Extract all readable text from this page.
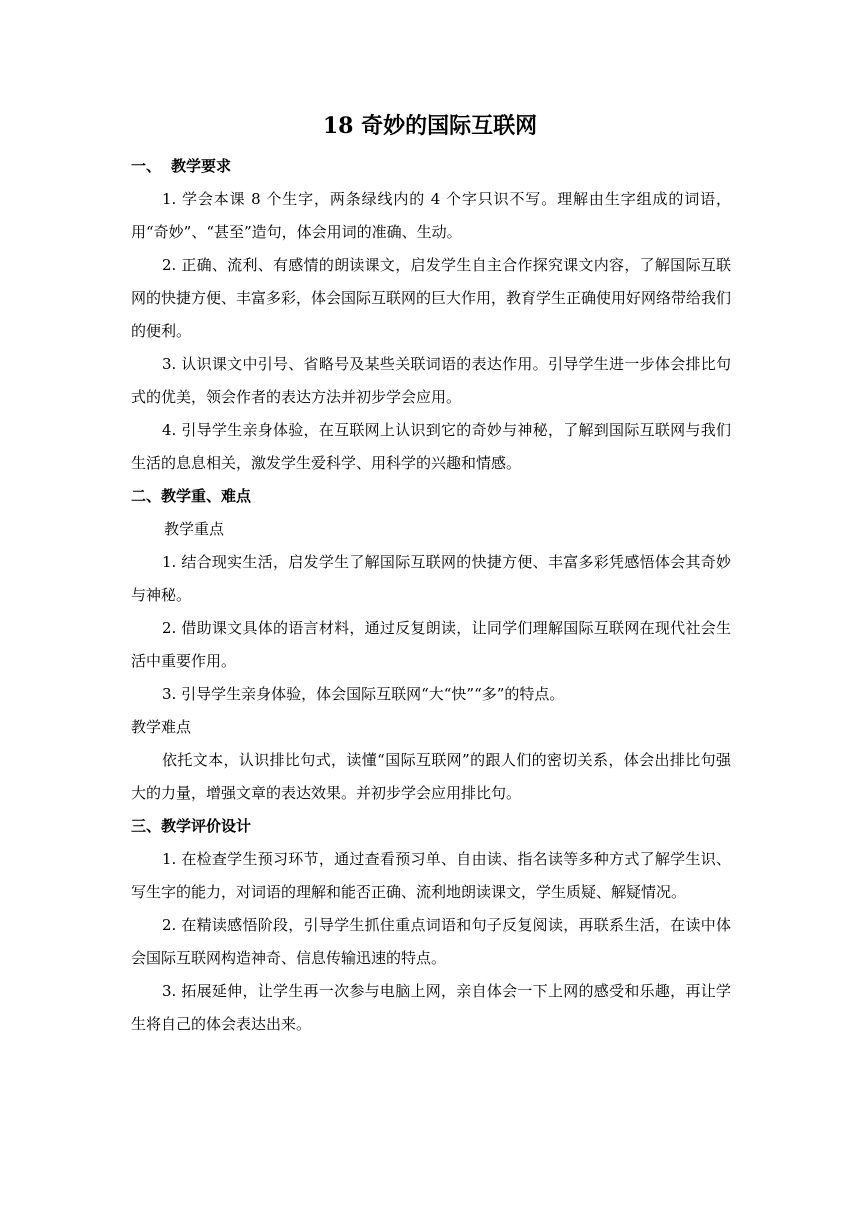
18 奇妙的国际互联网
一、 教学要求

1. 学会本课 8 个生字，两条绿线内的 4 个字只识不写。理解由生字组成的词语，用“奇妙”、“甚至”造句，体会用词的准确、生动。

2. 正确、流利、有感情的朗读课文，启发学生自主合作探究课文内容，了解国际互联网的快捷方便、丰富多彩，体会国际互联网的巨大作用，教育学生正确使用好网络带给我们的便利。

3. 认识课文中引号、省略号及某些关联词语的表达作用。引导学生进一步体会排比句式的优美，领会作者的表达方法并初步学会应用。

4. 引导学生亲身体验，在互联网上认识到它的奇妙与神秘，了解到国际互联网与我们生活的息息相关，激发学生爱科学、用科学的兴趣和情感。

二、教学重、难点
教学重点

1. 结合现实生活，启发学生了解国际互联网的快捷方便、丰富多彩凭感悟体会其奇妙与神秘。

2. 借助课文具体的语言材料，通过反复朗读，让同学们理解国际互联网在现代社会生活中重要作用。

3. 引导学生亲身体验，体会国际互联网“大“快”“多”的特点。

教学难点

依托文本，认识排比句式，读懂“国际互联网”的跟人们的密切关系，体会出排比句强大的力量，增强文章的表达效果。并初步学会应用排比句。

三、教学评价设计

1. 在检查学生预习环节，通过查看预习单、自由读、指名读等多种方式了解学生识、写生字的能力，对词语的理解和能否正确、流利地朗读课文，学生质疑、解疑情况。

2. 在精读感悟阶段，引导学生抓住重点词语和句子反复阅读，再联系生活，在读中体会国际互联网构造神奇、信息传输迅速的特点。

3. 拓展延伸，让学生再一次参与电脑上网，亲自体会一下上网的感受和乐趣，再让学生将自己的体会表达出来。
